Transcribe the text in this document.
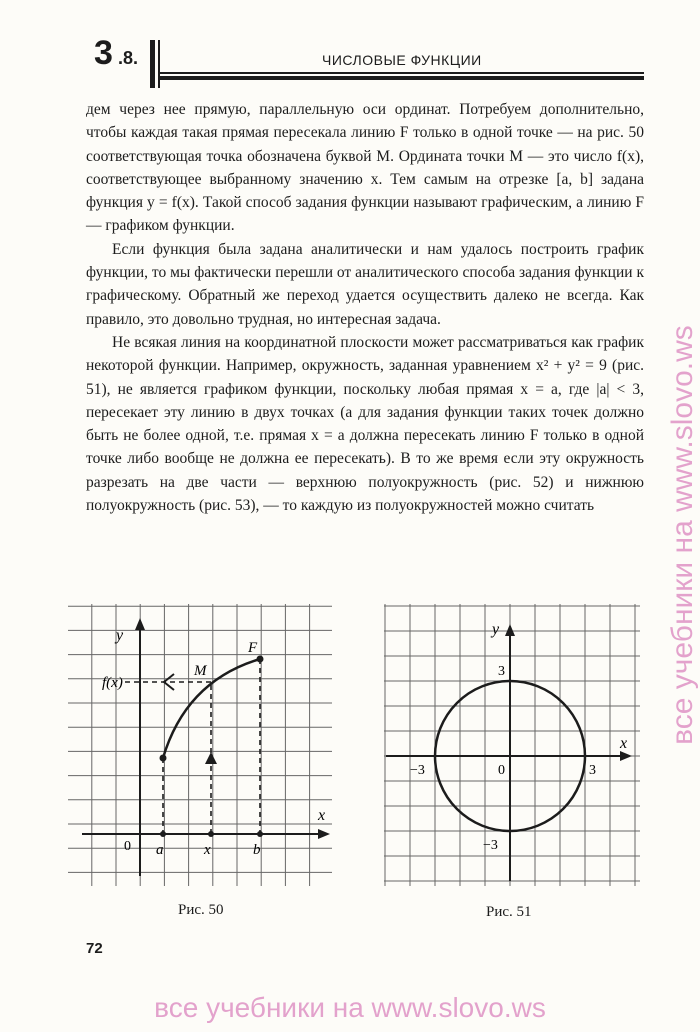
3 .8.	ЧИСЛОВЫЕ ФУНКЦИИ

дем через нее прямую, параллельную оси ординат. Потребуем дополнительно, чтобы каждая такая прямая пересекала линию F только в одной точке — на рис. 50 соответствующая точка обозначена буквой M. Ордината точки M — это число f(x), соответствующее выбранному значению x. Тем самым на отрезке [a, b] задана функция y = f(x). Такой способ задания функции называют графическим, а линию F — графиком функции.

Если функция была задана аналитически и нам удалось построить график функции, то мы фактически перешли от аналитического способа задания функции к графическому. Обратный же переход удается осуществить далеко не всегда. Как правило, это довольно трудная, но интересная задача.

Не всякая линия на координатной плоскости может рассматриваться как график некоторой функции. Например, окружность, заданная уравнением x² + y² = 9 (рис. 51), не является графиком функции, поскольку любая прямая x = a, где |a| < 3, пересекает эту линию в двух точках (а для задания функции таких точек должно быть не более одной, т.е. прямая x = a должна пересекать линию F только в одной точке либо вообще не должна ее пересекать). В то же время если эту окружность разрезать на две части — верхнюю полуокружность (рис. 52) и нижнюю полуокружность (рис. 53), — то каждую из полуокружностей можно считать

y
x
0 a	x	b
f(x)
M
F
Рис. 50
y
x
0	3
−3
3
−3
Рис. 51
72
все учебники на www.slovo.ws
все учебники на www.slovo.ws
